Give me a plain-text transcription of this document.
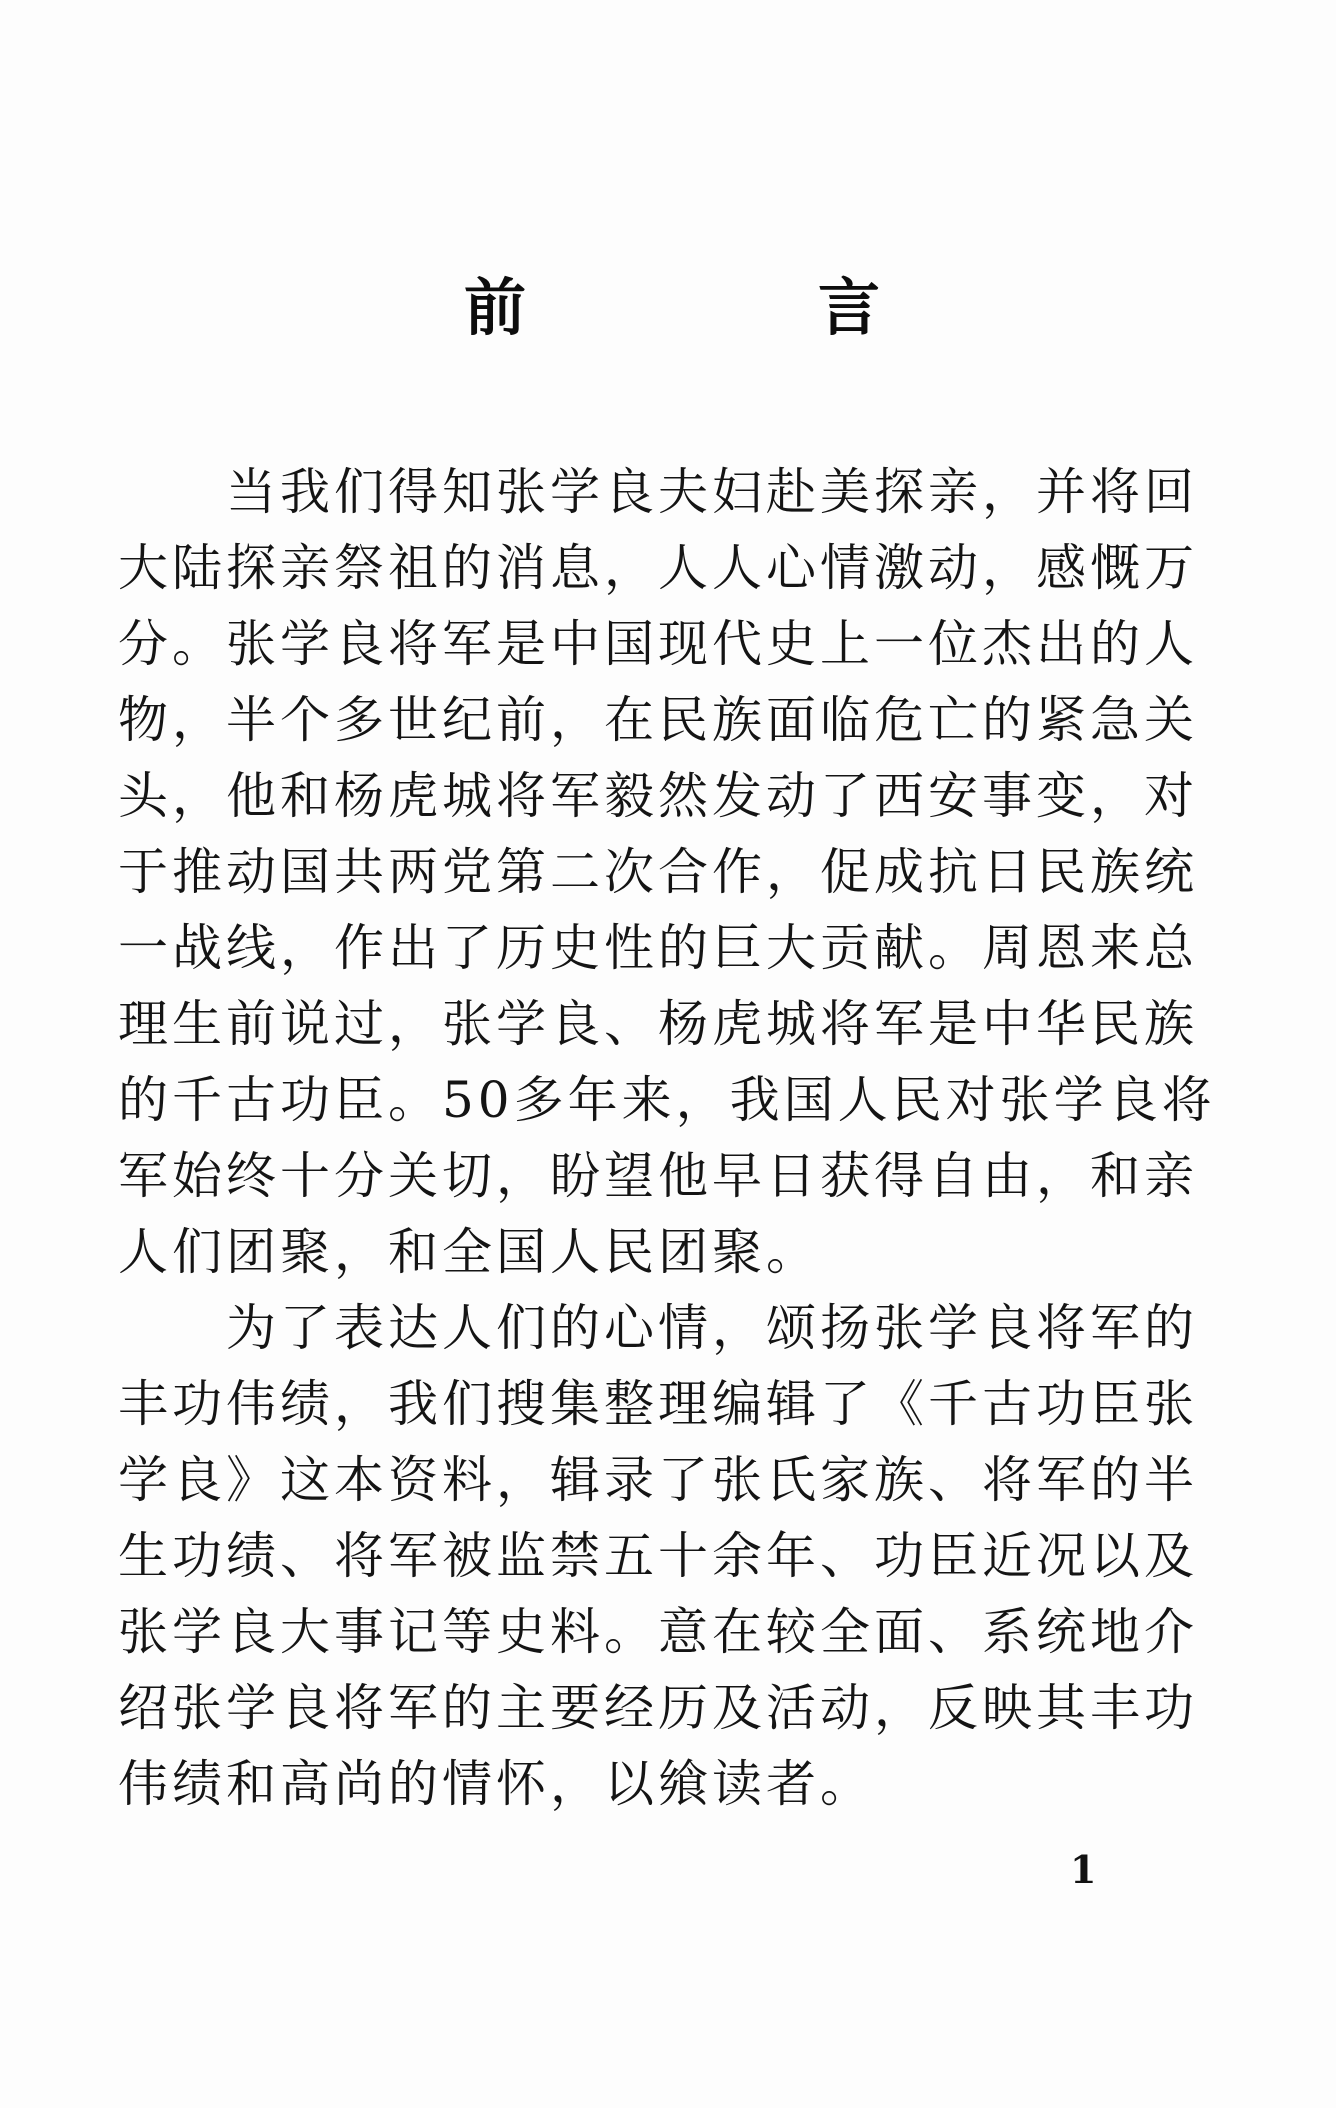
前言
当我们得知张学良夫妇赴美探亲，并将回
大陆探亲祭祖的消息，人人心情激动，感慨万
分。张学良将军是中国现代史上一位杰出的人
物，半个多世纪前，在民族面临危亡的紧急关
头，他和杨虎城将军毅然发动了西安事变，对
于推动国共两党第二次合作，促成抗日民族统
一战线，作出了历史性的巨大贡献。周恩来总
理生前说过，张学良、杨虎城将军是中华民族
的千古功臣。50多年来，我国人民对张学良将
军始终十分关切，盼望他早日获得自由，和亲
人们团聚，和全国人民团聚。
为了表达人们的心情，颂扬张学良将军的
丰功伟绩，我们搜集整理编辑了《千古功臣张
学良》这本资料，辑录了张氏家族、将军的半
生功绩、将军被监禁五十余年、功臣近况以及
张学良大事记等史料。意在较全面、系统地介
绍张学良将军的主要经历及活动，反映其丰功
伟绩和高尚的情怀，以飨读者。
1
